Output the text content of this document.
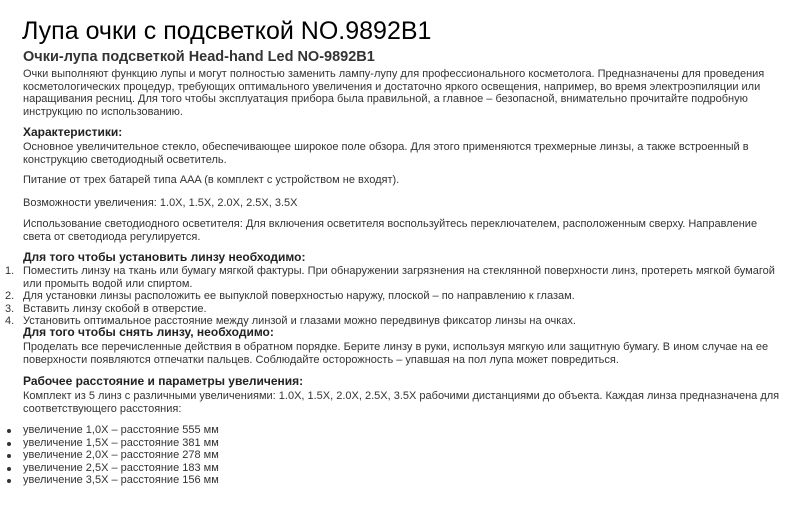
Лупа очки с подсветкой NO.9892B1
Очки-лупа подсветкой Head-hand Led NO-9892B1
Очки выполняют функцию лупы и могут полностью заменить лампу-лупу для профессионального косметолога. Предназначены для проведения косметологических процедур, требующих оптимального увеличения и достаточно яркого освещения, например, во время электроэпиляции или наращивания ресниц. Для того чтобы эксплуатация прибора была правильной, а главное – безопасной, внимательно прочитайте подробную инструкцию по использованию.
Характеристики:
Основное увеличительное стекло, обеспечивающее широкое поле обзора. Для этого применяются трехмерные линзы, а также встроенный в конструкцию светодиодный осветитель.
Питание от трех батарей типа AAA (в комплект с устройством не входят).
Возможности увеличения: 1.0X, 1.5X, 2.0X, 2.5X, 3.5X
Использование светодиодного осветителя: Для включения осветителя воспользуйтесь переключателем, расположенным сверху. Направление света от светодиода регулируется.
Для того чтобы установить линзу необходимо:
1. Поместить линзу на ткань или бумагу мягкой фактуры. При обнаружении загрязнения на стеклянной поверхности линз, протереть мягкой бумагой или промыть водой или спиртом.
2. Для установки линзы расположить ее выпуклой поверхностью наружу, плоской – по направлению к глазам.
3. Вставить линзу скобой в отверстие.
4. Установить оптимальное расстояние между линзой и глазами можно передвинув фиксатор линзы на очках.
Для того чтобы снять линзу, необходимо:
Проделать все перечисленные действия в обратном порядке. Берите линзу в руки, используя мягкую или защитную бумагу. В ином случае на ее поверхности появляются отпечатки пальцев. Соблюдайте осторожность – упавшая на пол лупа может повредиться.
Рабочее расстояние и параметры увеличения:
Комплект из 5 линз с различными увеличениями: 1.0X, 1.5X, 2.0X, 2.5X, 3.5X рабочими дистанциями до объекта. Каждая линза предназначена для соответствующего расстояния:
увеличение 1,0X – расстояние 555 мм
увеличение 1,5X – расстояние 381 мм
увеличение 2,0X – расстояние 278 мм
увеличение 2,5X – расстояние 183 мм
увеличение 3,5X – расстояние 156 мм
